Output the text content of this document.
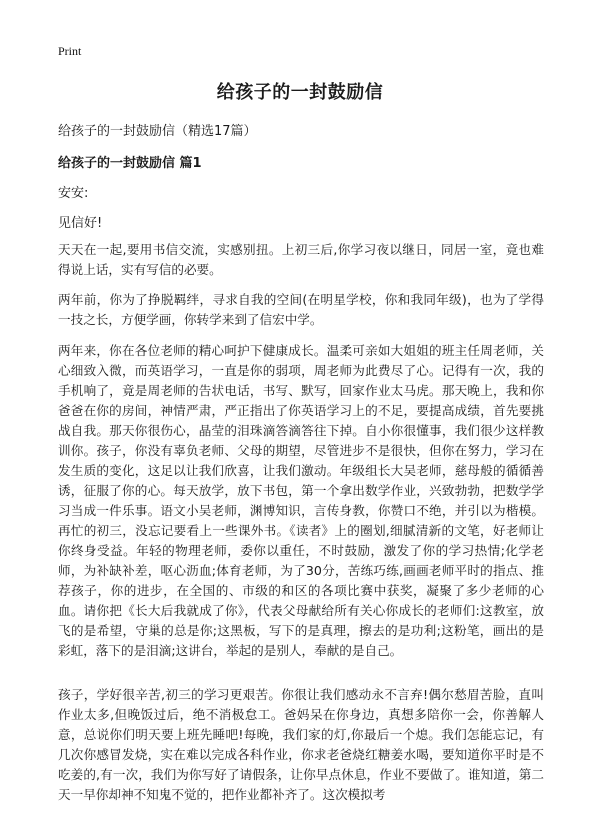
Print
给孩子的一封鼓励信
给孩子的一封鼓励信（精选17篇）
给孩子的一封鼓励信 篇1
安安:
见信好!

天天在一起,要用书信交流，实感别扭。上初三后,你学习夜以继日，同居一室，竟也难得说上话，实有写信的必要。

两年前，你为了挣脱羁绊，寻求自我的空间(在明星学校，你和我同年级)，也为了学得一技之长，方便学画，你转学来到了信宏中学。

两年来，你在各位老师的精心呵护下健康成长。温柔可亲如大姐姐的班主任周老师，关心细致入微，而英语学习，一直是你的弱项，周老师为此费尽了心。记得有一次，我的手机响了，竟是周老师的告状电话，书写、默写，回家作业太马虎。那天晚上，我和你爸爸在你的房间，神情严肃，严正指出了你英语学习上的不足，要提高成绩，首先要挑战自我。那天你很伤心，晶莹的泪珠滴答滴答往下掉。自小你很懂事，我们很少这样教训你。孩子，你没有辜负老师、父母的期望，尽管进步不是很快，但你在努力，学习在发生质的变化，这足以让我们欣喜，让我们激动。年级组长大吴老师，慈母般的循循善诱，征服了你的心。每天放学，放下书包，第一个拿出数学作业，兴致勃勃，把数学学习当成一件乐事。语文小吴老师，渊博知识，言传身教，你赞口不绝，并引以为楷模。再忙的初三，没忘记要看上一些课外书。《读者》上的圈划,细腻清新的文笔，好老师让你终身受益。年轻的物理老师，委你以重任，不时鼓励，激发了你的学习热情;化学老师，为补缺补差，呕心沥血;体育老师，为了30分，苦练巧练,画画老师平时的指点、推荐孩子，你的进步，在全国的、市级的和区的各项比赛中获奖，凝聚了多少老师的心血。请你把《长大后我就成了你》，代表父母献给所有关心你成长的老师们:这教室，放飞的是希望，守巢的总是你;这黑板，写下的是真理，擦去的是功利;这粉笔，画出的是彩虹，落下的是泪滴;这讲台，举起的是别人，奉献的是自己。

孩子，学好很辛苦,初三的学习更艰苦。你很让我们感动永不言弃!偶尔愁眉苦脸，直叫作业太多,但晚饭过后，绝不消极怠工。爸妈呆在你身边，真想多陪你一会，你善解人意，总说你们明天要上班先睡吧!每晚，我们家的灯,你最后一个熄。我们怎能忘记，有几次你感冒发烧，实在难以完成各科作业，你求老爸烧红糖姜水喝，要知道你平时是不吃姜的,有一次，我们为你写好了请假条，让你早点休息，作业不要做了。谁知道，第二天一早你却神不知鬼不觉的，把作业都补齐了。这次模拟考
